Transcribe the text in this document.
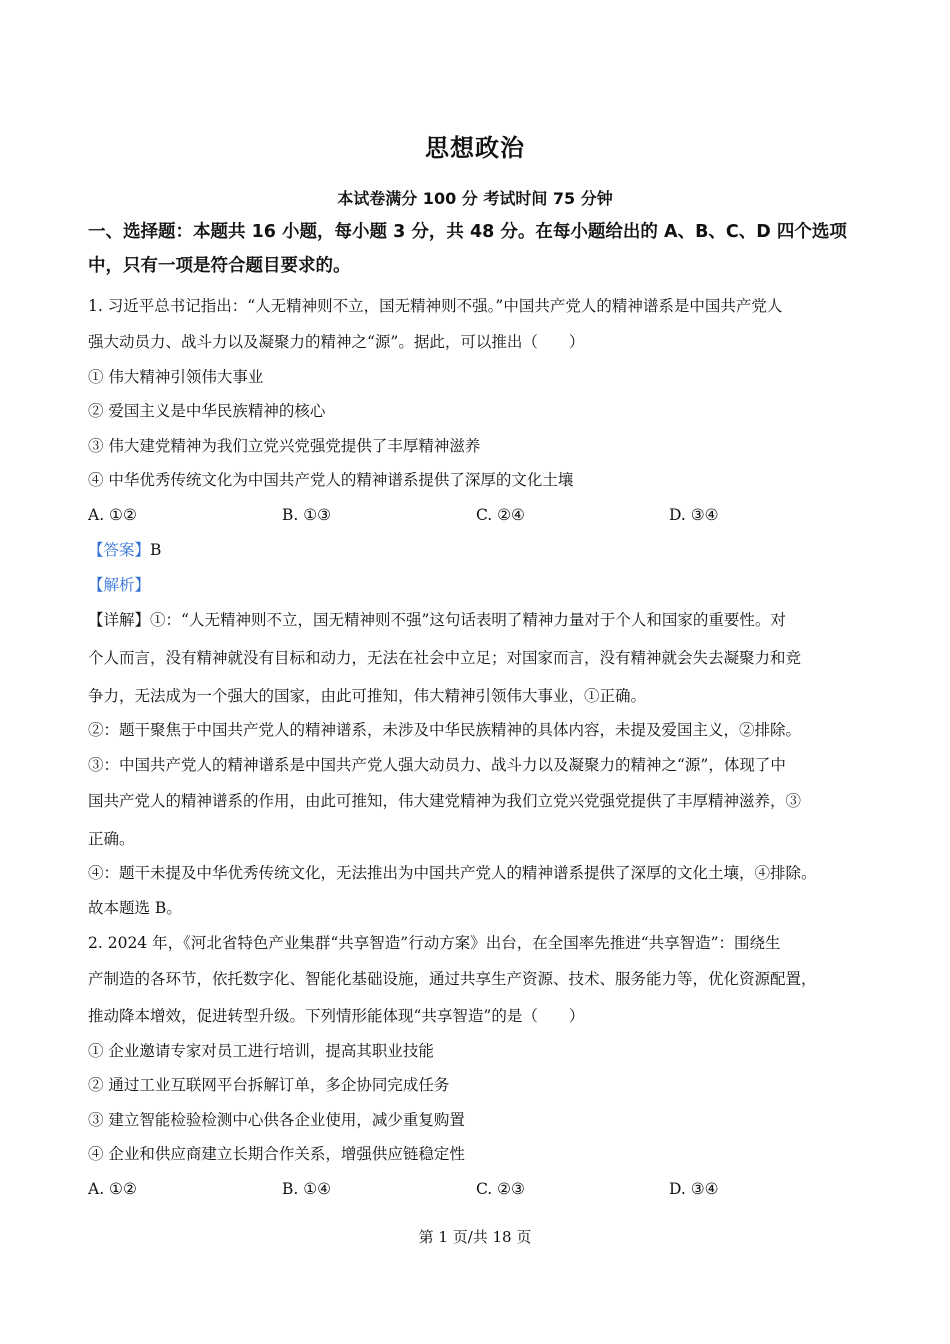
思想政治
本试卷满分 100 分 考试时间 75 分钟
一、选择题：本题共 16 小题，每小题 3 分，共 48 分。在每小题给出的 A、B、C、D 四个选项
中，只有一项是符合题目要求的。
1. 习近平总书记指出：“人无精神则不立，国无精神则不强。”中国共产党人的精神谱系是中国共产党人
强大动员力、战斗力以及凝聚力的精神之“源”。据此，可以推出（　　）
① 伟大精神引领伟大事业
② 爱国主义是中华民族精神的核心
③ 伟大建党精神为我们立党兴党强党提供了丰厚精神滋养
④ 中华优秀传统文化为中国共产党人的精神谱系提供了深厚的文化土壤
A. ①②	B. ①③	C. ②④	D. ③④
【答案】B
【解析】
【详解】①：“人无精神则不立，国无精神则不强”这句话表明了精神力量对于个人和国家的重要性。对
个人而言，没有精神就没有目标和动力，无法在社会中立足；对国家而言，没有精神就会失去凝聚力和竞
争力，无法成为一个强大的国家，由此可推知，伟大精神引领伟大事业，①正确。
②：题干聚焦于中国共产党人的精神谱系，未涉及中华民族精神的具体内容，未提及爱国主义，②排除。
③：中国共产党人的精神谱系是中国共产党人强大动员力、战斗力以及凝聚力的精神之“源”，体现了中
国共产党人的精神谱系的作用，由此可推知，伟大建党精神为我们立党兴党强党提供了丰厚精神滋养，③
正确。
④：题干未提及中华优秀传统文化，无法推出为中国共产党人的精神谱系提供了深厚的文化土壤，④排除。
故本题选 B。
2. 2024 年，《河北省特色产业集群“共享智造”行动方案》出台，在全国率先推进“共享智造”：围绕生
产制造的各环节，依托数字化、智能化基础设施，通过共享生产资源、技术、服务能力等，优化资源配置，
推动降本增效，促进转型升级。下列情形能体现“共享智造”的是（　　）
① 企业邀请专家对员工进行培训，提高其职业技能
② 通过工业互联网平台拆解订单，多企协同完成任务
③ 建立智能检验检测中心供各企业使用，减少重复购置
④ 企业和供应商建立长期合作关系，增强供应链稳定性
A. ①②	B. ①④	C. ②③	D. ③④
第 1 页/共 18 页
